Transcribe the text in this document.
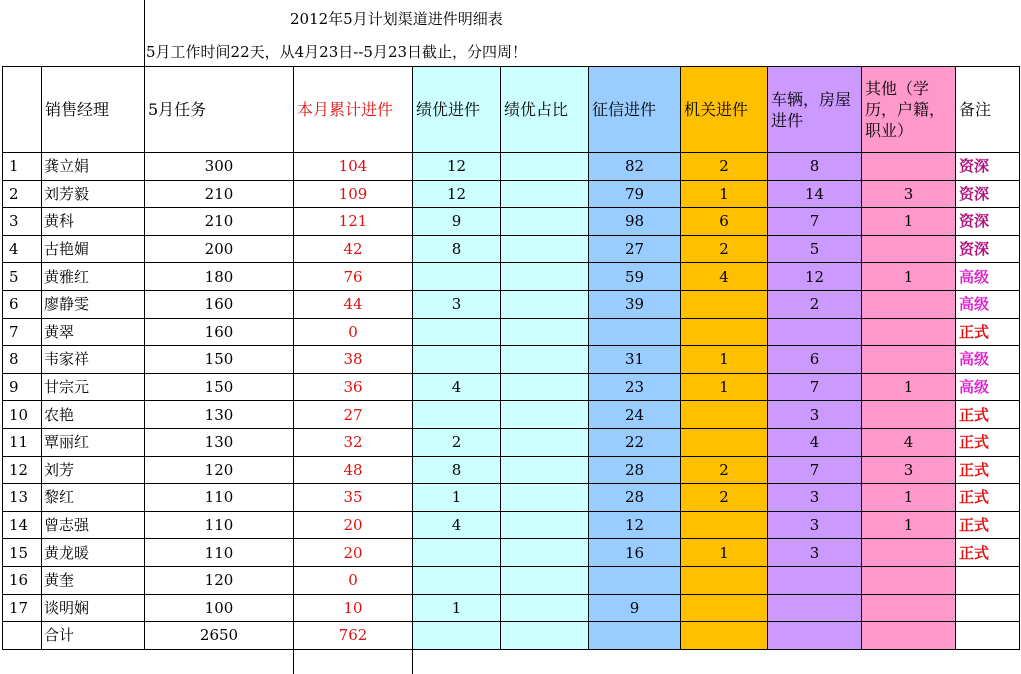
2012年5月计划渠道进件明细表
5月工作时间22天，从4月23日--5月23日截止，分四周！
	销售经理	5月任务	本月累计进件	绩优进件	绩优占比	征信进件	机关进件	车辆，房屋进件	其他（学历，户籍，职业）	备注
1	龚立娟	300	104	12		82	2	8		资深
2	刘芳毅	210	109	12		79	1	14	3	资深
3	黄科	210	121	9		98	6	7	1	资深
4	古艳媚	200	42	8		27	2	5		资深
5	黄雅红	180	76			59	4	12	1	高级
6	廖静雯	160	44	3		39		2		高级
7	黄翠	160	0							正式
8	韦家祥	150	38			31	1	6		高级
9	甘宗元	150	36	4		23	1	7	1	高级
10	农艳	130	27			24		3		正式
11	覃丽红	130	32	2		22		4	4	正式
12	刘芳	120	48	8		28	2	7	3	正式
13	黎红	110	35	1		28	2	3	1	正式
14	曾志强	110	20	4		12		3	1	正式
15	黄龙暖	110	20			16	1	3		正式
16	黄奎	120	0							
17	谈明娴	100	10	1		9				
	合计	2650	762							
